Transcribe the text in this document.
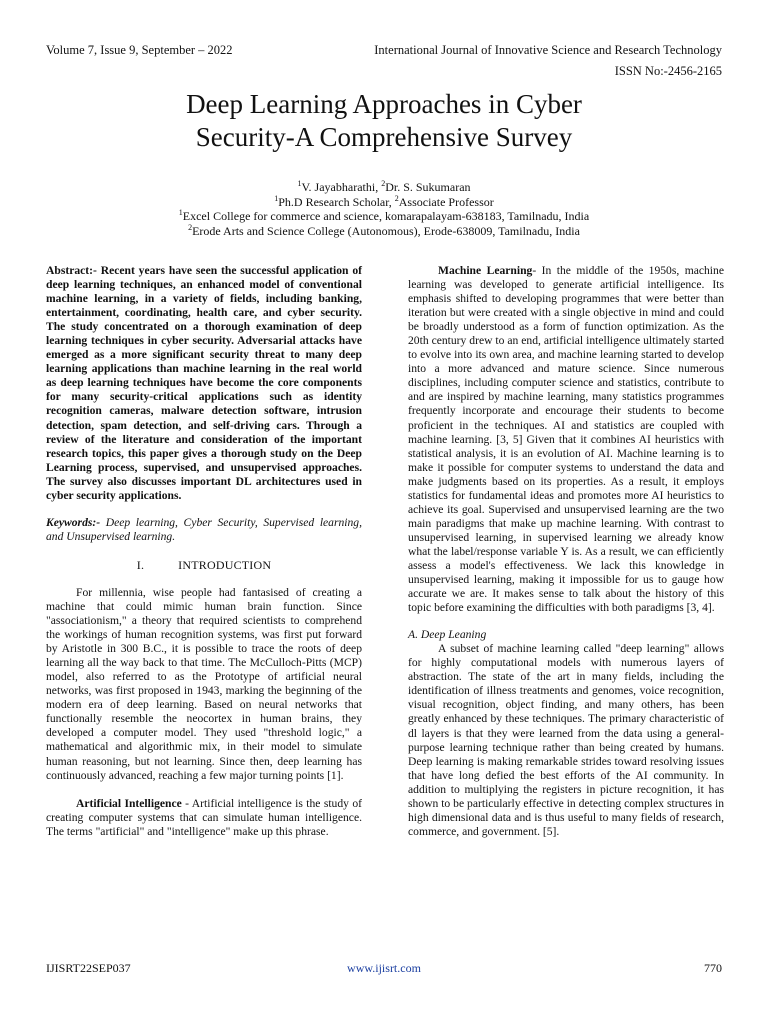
Volume 7, Issue 9, September – 2022	International Journal of Innovative Science and Research Technology
ISSN No:-2456-2165
Deep Learning Approaches in Cyber
Security-A Comprehensive Survey
$^1$V. Jayabharathi, $^2$Dr. S. Sukumaran
$^1$Ph.D Research Scholar, $^2$Associate Professor
$^1$Excel College for commerce and science, komarapalayam-638183, Tamilnadu, India
$^2$Erode Arts and Science College (Autonomous), Erode-638009, Tamilnadu, India

Abstract:- Recent years have seen the successful application of deep learning techniques, an enhanced model of conventional machine learning, in a variety of fields, including banking, entertainment, coordinating, health care, and cyber security. The study concentrated on a thorough examination of deep learning techniques in cyber security. Adversarial attacks have emerged as a more significant security threat to many deep learning applications than machine learning in the real world as deep learning techniques have become the core components for many security-critical applications such as identity recognition cameras, malware detection software, intrusion detection, spam detection, and self-driving cars. Through a review of the literature and consideration of the important research topics, this paper gives a thorough study on the Deep Learning process, supervised, and unsupervised approaches. The survey also discusses important DL architectures used in cyber security applications.

Keywords:- Deep learning, Cyber Security, Supervised learning, and Unsupervised learning.

I.	INTRODUCTION

For millennia, wise people had fantasised of creating a machine that could mimic human brain function. Since "associationism," a theory that required scientists to comprehend the workings of human recognition systems, was first put forward by Aristotle in 300 B.C., it is possible to trace the roots of deep learning all the way back to that time. The McCulloch-Pitts (MCP) model, also referred to as the Prototype of artificial neural networks, was first proposed in 1943, marking the beginning of the modern era of deep learning. Based on neural networks that functionally resemble the neocortex in human brains, they developed a computer model. They used "threshold logic," a mathematical and algorithmic mix, in their model to simulate human reasoning, but not learning. Since then, deep learning has continuously advanced, reaching a few major turning points [1].

Artificial Intelligence - Artificial intelligence is the study of creating computer systems that can simulate human intelligence. The terms "artificial" and "intelligence" make up this phrase.

Machine Learning- In the middle of the 1950s, machine learning was developed to generate artificial intelligence. Its emphasis shifted to developing programmes that were better than iteration but were created with a single objective in mind and could be broadly understood as a form of function optimization. As the 20th century drew to an end, artificial intelligence ultimately started to evolve into its own area, and machine learning started to develop into a more advanced and mature science. Since numerous disciplines, including computer science and statistics, contribute to and are inspired by machine learning, many statistics programmes frequently incorporate and encourage their students to become proficient in the techniques. AI and statistics are coupled with machine learning. [3, 5] Given that it combines AI heuristics with statistical analysis, it is an evolution of AI. Machine learning is to make it possible for computer systems to understand the data and make judgments based on its properties. As a result, it employs statistics for fundamental ideas and promotes more AI heuristics to achieve its goal. Supervised and unsupervised learning are the two main paradigms that make up machine learning. With contrast to unsupervised learning, in supervised learning we already know what the label/response variable Y is. As a result, we can efficiently assess a model's effectiveness. We lack this knowledge in unsupervised learning, making it impossible for us to gauge how accurate we are. It makes sense to talk about the history of this topic before examining the difficulties with both paradigms [3, 4].

A. Deep Leaning

A subset of machine learning called "deep learning" allows for highly computational models with numerous layers of abstraction. The state of the art in many fields, including the identification of illness treatments and genomes, voice recognition, visual recognition, object finding, and many others, has been greatly enhanced by these techniques. The primary characteristic of dl layers is that they were learned from the data using a general-purpose learning technique rather than being created by humans. Deep learning is making remarkable strides toward resolving issues that have long defied the best efforts of the AI community. In addition to multiplying the registers in picture recognition, it has shown to be particularly effective in detecting complex structures in high dimensional data and is thus useful to many fields of research, commerce, and government. [5].

IJISRT22SEP037	www.ijisrt.com	770
